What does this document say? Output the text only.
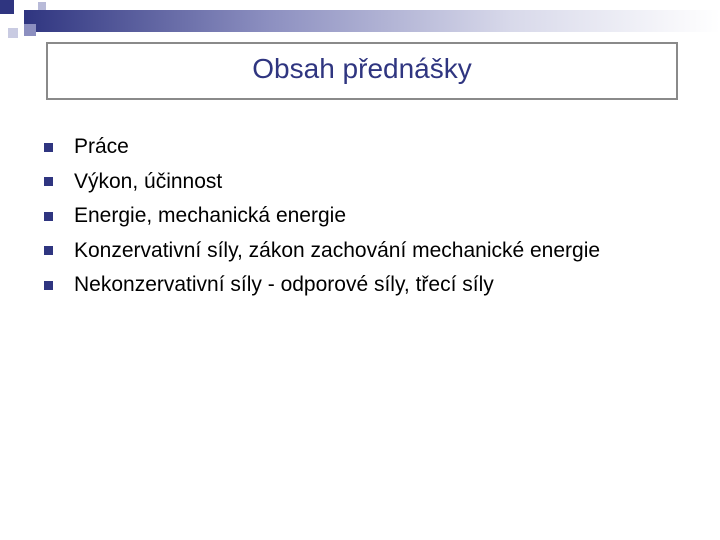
Obsah přednášky
Práce
Výkon, účinnost
Energie, mechanická energie
Konzervativní síly, zákon zachování mechanické energie
Nekonzervativní síly - odporové síly, třecí síly
